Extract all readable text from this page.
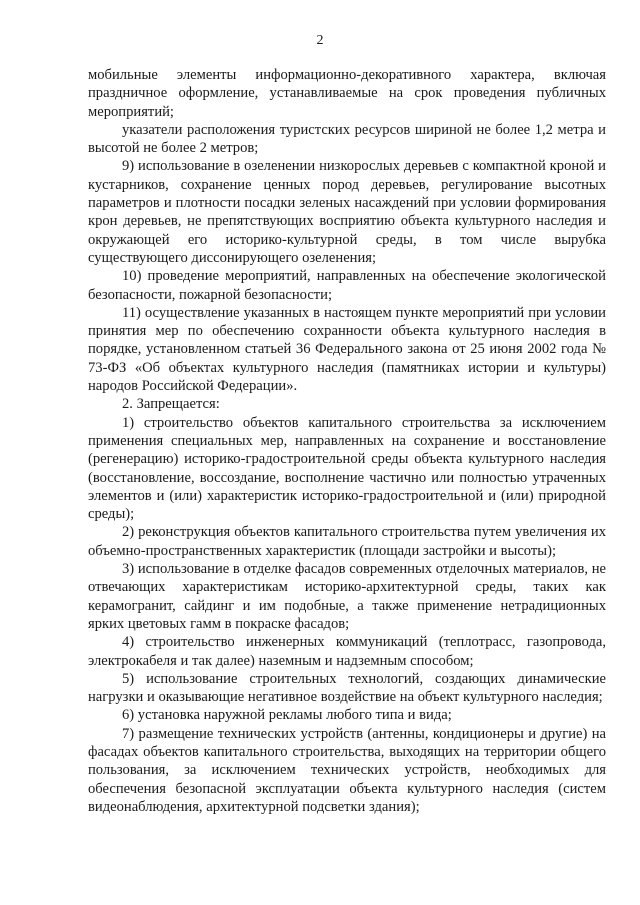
2

мобильные элементы информационно-декоративного характера, включая праздничное оформление, устанавливаемые на срок проведения публичных мероприятий;

указатели расположения туристских ресурсов шириной не более 1,2 метра и высотой не более 2 метров;

9) использование в озеленении низкорослых деревьев с компактной кроной и кустарников, сохранение ценных пород деревьев, регулирование высотных параметров и плотности посадки зеленых насаждений при условии формирования крон деревьев, не препятствующих восприятию объекта культурного наследия и окружающей его историко-культурной среды, в том числе вырубка существующего диссонирующего озеленения;

10) проведение мероприятий, направленных на обеспечение экологической безопасности, пожарной безопасности;

11) осуществление указанных в настоящем пункте мероприятий при условии принятия мер по обеспечению сохранности объекта культурного наследия в порядке, установленном статьей 36 Федерального закона от 25 июня 2002 года № 73-ФЗ «Об объектах культурного наследия (памятниках истории и культуры) народов Российской Федерации».

2. Запрещается:

1) строительство объектов капитального строительства за исключением применения специальных мер, направленных на сохранение и восстановление (регенерацию) историко-градостроительной среды объекта культурного наследия (восстановление, воссоздание, восполнение частично или полностью утраченных элементов и (или) характеристик историко-градостроительной и (или) природной среды);

2) реконструкция объектов капитального строительства путем увеличения их объемно-пространственных характеристик (площади застройки и высоты);

3) использование в отделке фасадов современных отделочных материалов, не отвечающих характеристикам историко-архитектурной среды, таких как керамогранит, сайдинг и им подобные, а также применение нетрадиционных ярких цветовых гамм в покраске фасадов;

4) строительство инженерных коммуникаций (теплотрасс, газопровода, электрокабеля и так далее) наземным и надземным способом;

5) использование строительных технологий, создающих динамические нагрузки и оказывающие негативное воздействие на объект культурного наследия;

6) установка наружной рекламы любого типа и вида;

7) размещение технических устройств (антенны, кондиционеры и другие) на фасадах объектов капитального строительства, выходящих на территории общего пользования, за исключением технических устройств, необходимых для обеспечения безопасной эксплуатации объекта культурного наследия (систем видеонаблюдения, архитектурной подсветки здания);
